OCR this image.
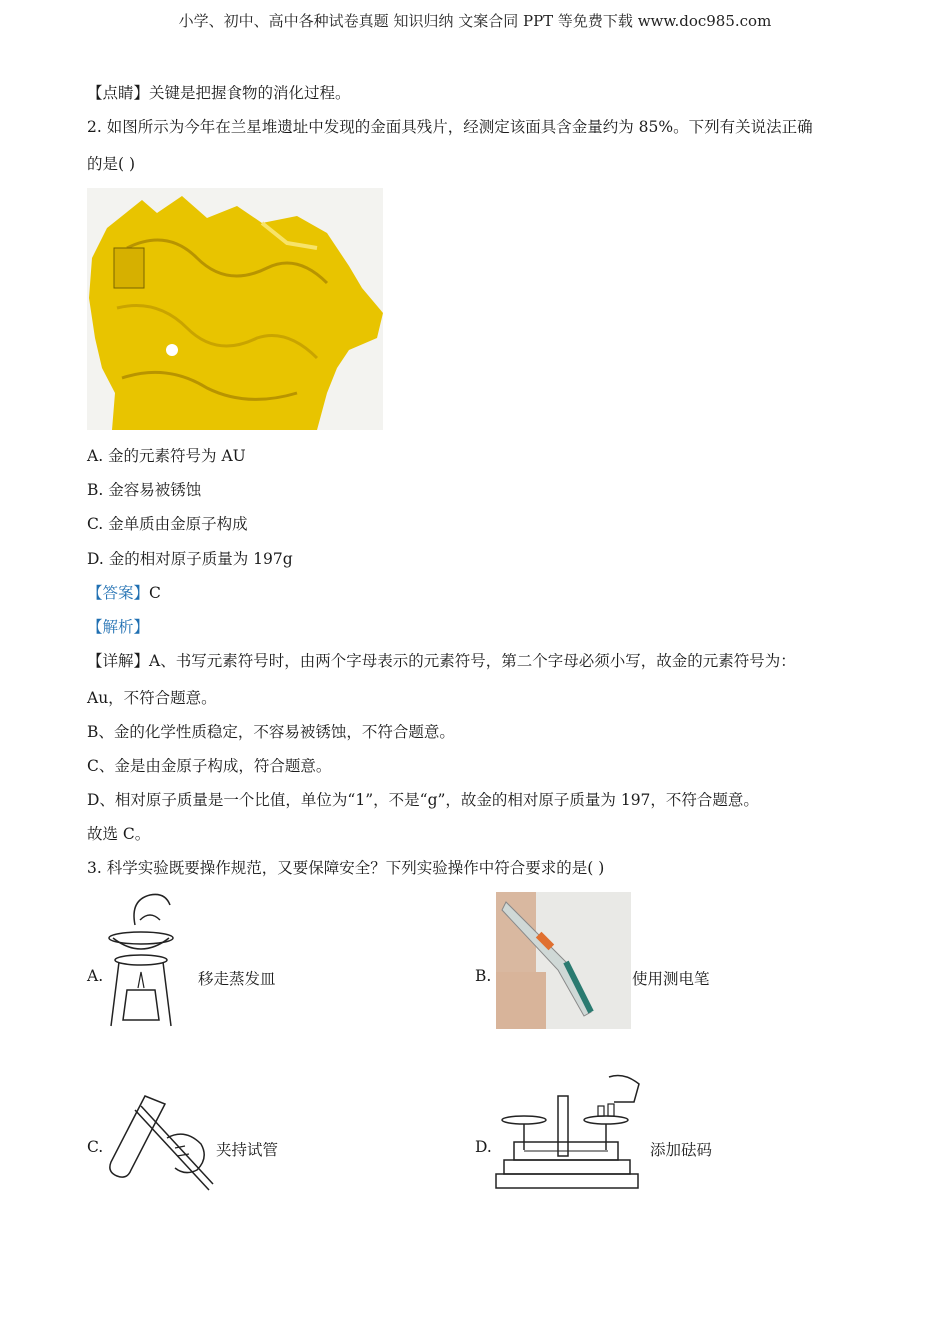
小学、初中、高中各种试卷真题 知识归纳 文案合同 PPT 等免费下载 www.doc985.com
【点睛】关键是把握食物的消化过程。
2. 如图所示为今年在兰星堆遗址中发现的金面具残片，经测定该面具含金量约为 85%。下列有关说法正确
的是( )
A. 金的元素符号为 AU
B. 金容易被锈蚀
C. 金单质由金原子构成
D. 金的相对原子质量为 197g
【答案】C
【解析】
【详解】A、书写元素符号时，由两个字母表示的元素符号，第二个字母必须小写，故金的元素符号为：
Au，不符合题意。
B、金的化学性质稳定，不容易被锈蚀，不符合题意。
C、金是由金原子构成，符合题意。
D、相对原子质量是一个比值，单位为“1”，不是“g”，故金的相对原子质量为 197，不符合题意。
故选 C。
3. 科学实验既要操作规范，又要保障安全？下列实验操作中符合要求的是( )
A.	移走蒸发皿	B.	使用测电笔
C.	夹持试管	D.	添加砝码
